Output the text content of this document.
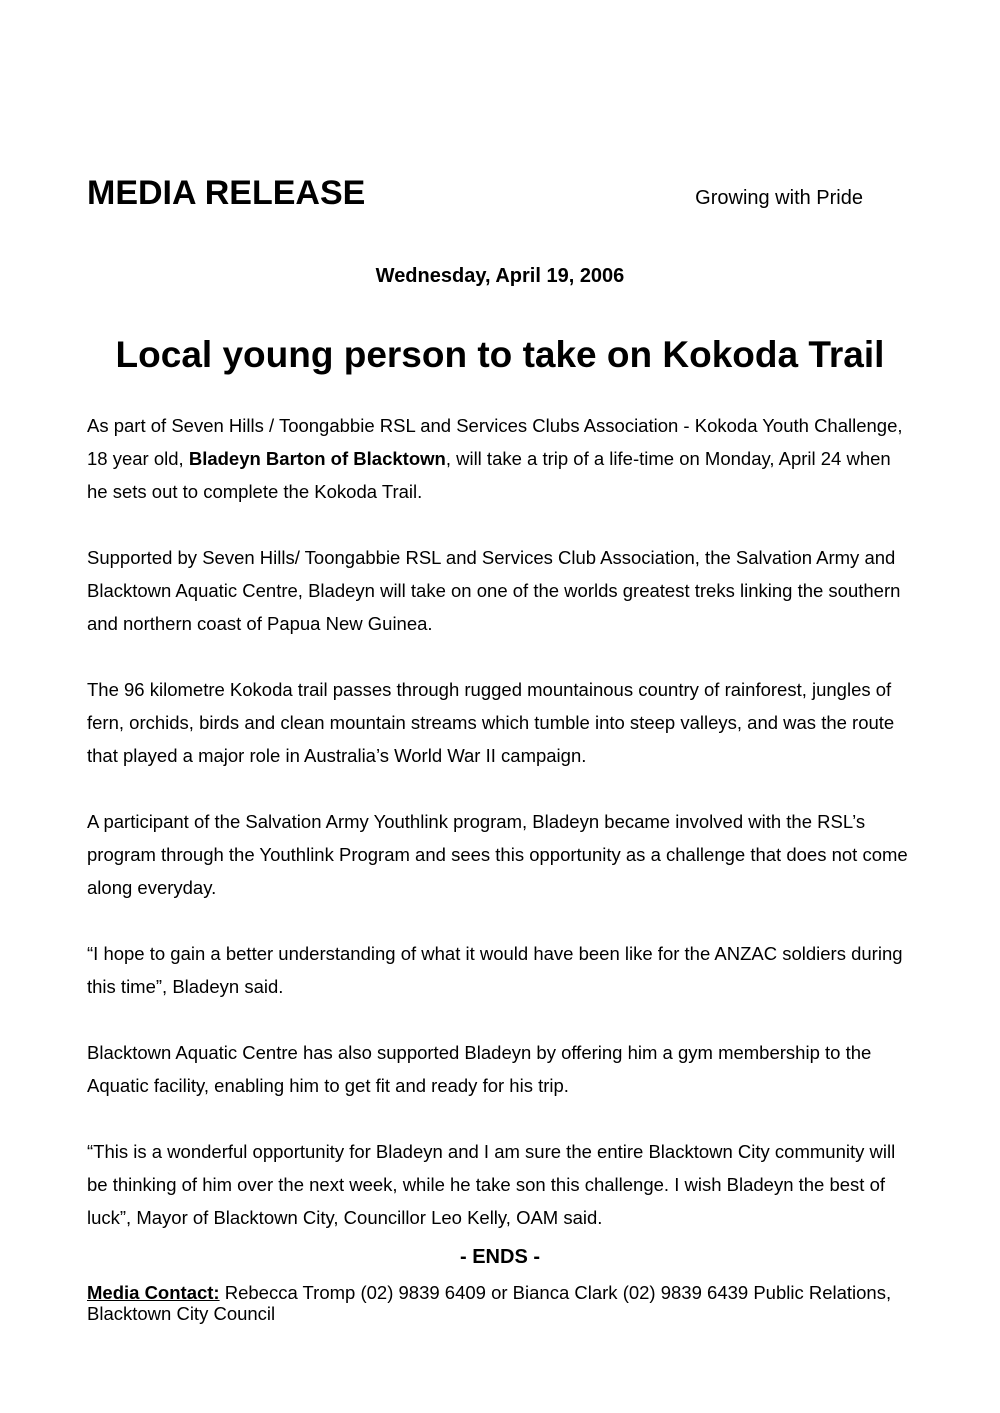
MEDIA RELEASE	Growing with Pride

Wednesday, April 19, 2006

Local young person to take on Kokoda Trail

As part of Seven Hills / Toongabbie RSL and Services Clubs Association - Kokoda Youth Challenge, 18 year old, Bladeyn Barton of Blacktown, will take a trip of a life-time on Monday, April 24 when he sets out to complete the Kokoda Trail.

Supported by Seven Hills/ Toongabbie RSL and Services Club Association, the Salvation Army and Blacktown Aquatic Centre, Bladeyn will take on one of the worlds greatest treks linking the southern and northern coast of Papua New Guinea.

The 96 kilometre Kokoda trail passes through rugged mountainous country of rainforest, jungles of fern, orchids, birds and clean mountain streams which tumble into steep valleys, and was the route that played a major role in Australia’s World War II campaign.

A participant of the Salvation Army Youthlink program, Bladeyn became involved with the RSL’s program through the Youthlink Program and sees this opportunity as a challenge that does not come along everyday.

“I hope to gain a better understanding of what it would have been like for the ANZAC soldiers during this time”, Bladeyn said.

Blacktown Aquatic Centre has also supported Bladeyn by offering him a gym membership to the Aquatic facility, enabling him to get fit and ready for his trip.

“This is a wonderful opportunity for Bladeyn and I am sure the entire Blacktown City community will be thinking of him over the next week, while he take son this challenge. I wish Bladeyn the best of luck”, Mayor of Blacktown City, Councillor Leo Kelly, OAM said.

- ENDS -

Media Contact: Rebecca Tromp (02) 9839 6409 or Bianca Clark (02) 9839 6439 Public Relations, Blacktown City Council
